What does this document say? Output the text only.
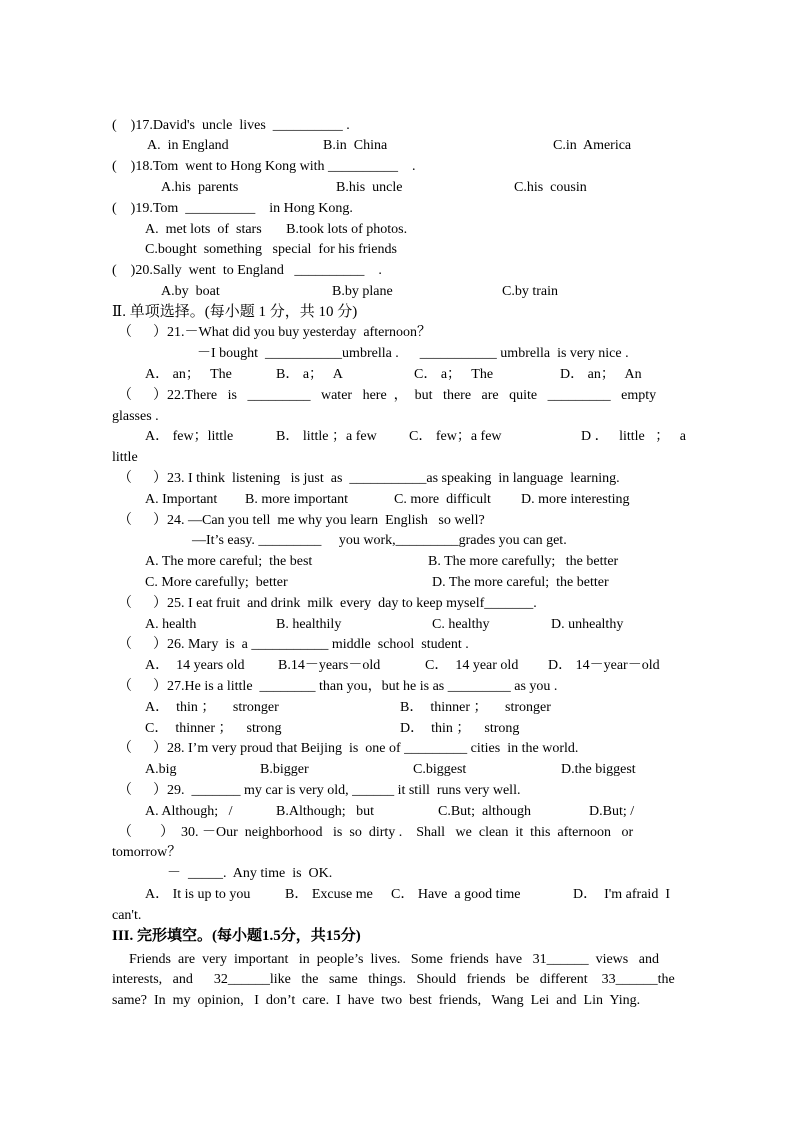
(    )17.David's  uncle  lives  __________ .
A.  in England	B.in  China	C.in  America
(    )18.Tom  went to Hong Kong with __________    .
A.his  parents	B.his  uncle	C.his  cousin
(    )19.Tom  __________    in Hong Kong.
A.  met lots  of  stars       B.took lots of photos.
C.bought  something   special  for his friends
(    )20.Sally  went  to England   __________    .
A.by  boat	B.by plane	C.by train
Ⅱ. 单项选择。(每小题 1 分，共 10 分)
（      ）21.－What did you buy yesterday  afternoon？
－I bought  ___________umbrella .      ___________ umbrella  is very nice .
A． an；   The	B． a；   A	C． a；   The	D． an；   An
（      ）22.There   is   _________   water   here  ，  but   there   are   quite   _________   empty
glasses .
A． few；little	B． little ；a few C． few；a few	D ．   little   ；   a
little
（      ）23. I think  listening   is just  as  ___________as speaking  in language  learning.
A. Important B. more important	C. more  difficult D. more interesting
（      ）24. —Can you tell  me why you learn  English   so well?
—It’s easy. _________     you work,_________grades you can get.
A. The more careful;  the best	B. The more carefully;   the better
C. More carefully;  better	D. The more careful;  the better
（      ）25. I eat fruit  and drink  milk  every  day to keep myself_______.
A. health	B. healthily	C. healthy	D. unhealthy
（      ）26. Mary  is  a ___________ middle  school  student .
A．  14 years old B.14－years－old	C．  14 year old D． 14－year－old
（      ）27.He is a little  ________ than you，but he is as _________ as you .
A．  thin ；     stronger	B．  thinner ；     stronger
C．  thinner ；    strong	D．  thin ；    strong
（      ）28. I’m very proud that Beijing  is  one of _________ cities  in the world.
A.big	B.bigger	C.biggest	D.the biggest
（      ）29.  _______ my car is very old, ______ it still  runs very well.
A. Although;   /	B.Although;   but	C.But;  although	D.But; /
（        ）  30. －Our  neighborhood   is  so  dirty .    Shall   we  clean  it  this  afternoon   or
tomorrow？
－  _____.  Any time  is  OK.
A． It is up to you B． Excuse me C． Have  a good time	D．  I'm afraid  I
can't.
III. 完形填空。(每小题1.5分，共15分)
Friends  are  very  important   in  people’s  lives.   Some  friends  have   31______  views   and
interests,   and      32______like   the   same   things.   Should   friends   be   different    33______the
same?  In  my  opinion,   I  don’t  care.  I  have  two  best  friends,   Wang  Lei  and  Lin  Ying.
